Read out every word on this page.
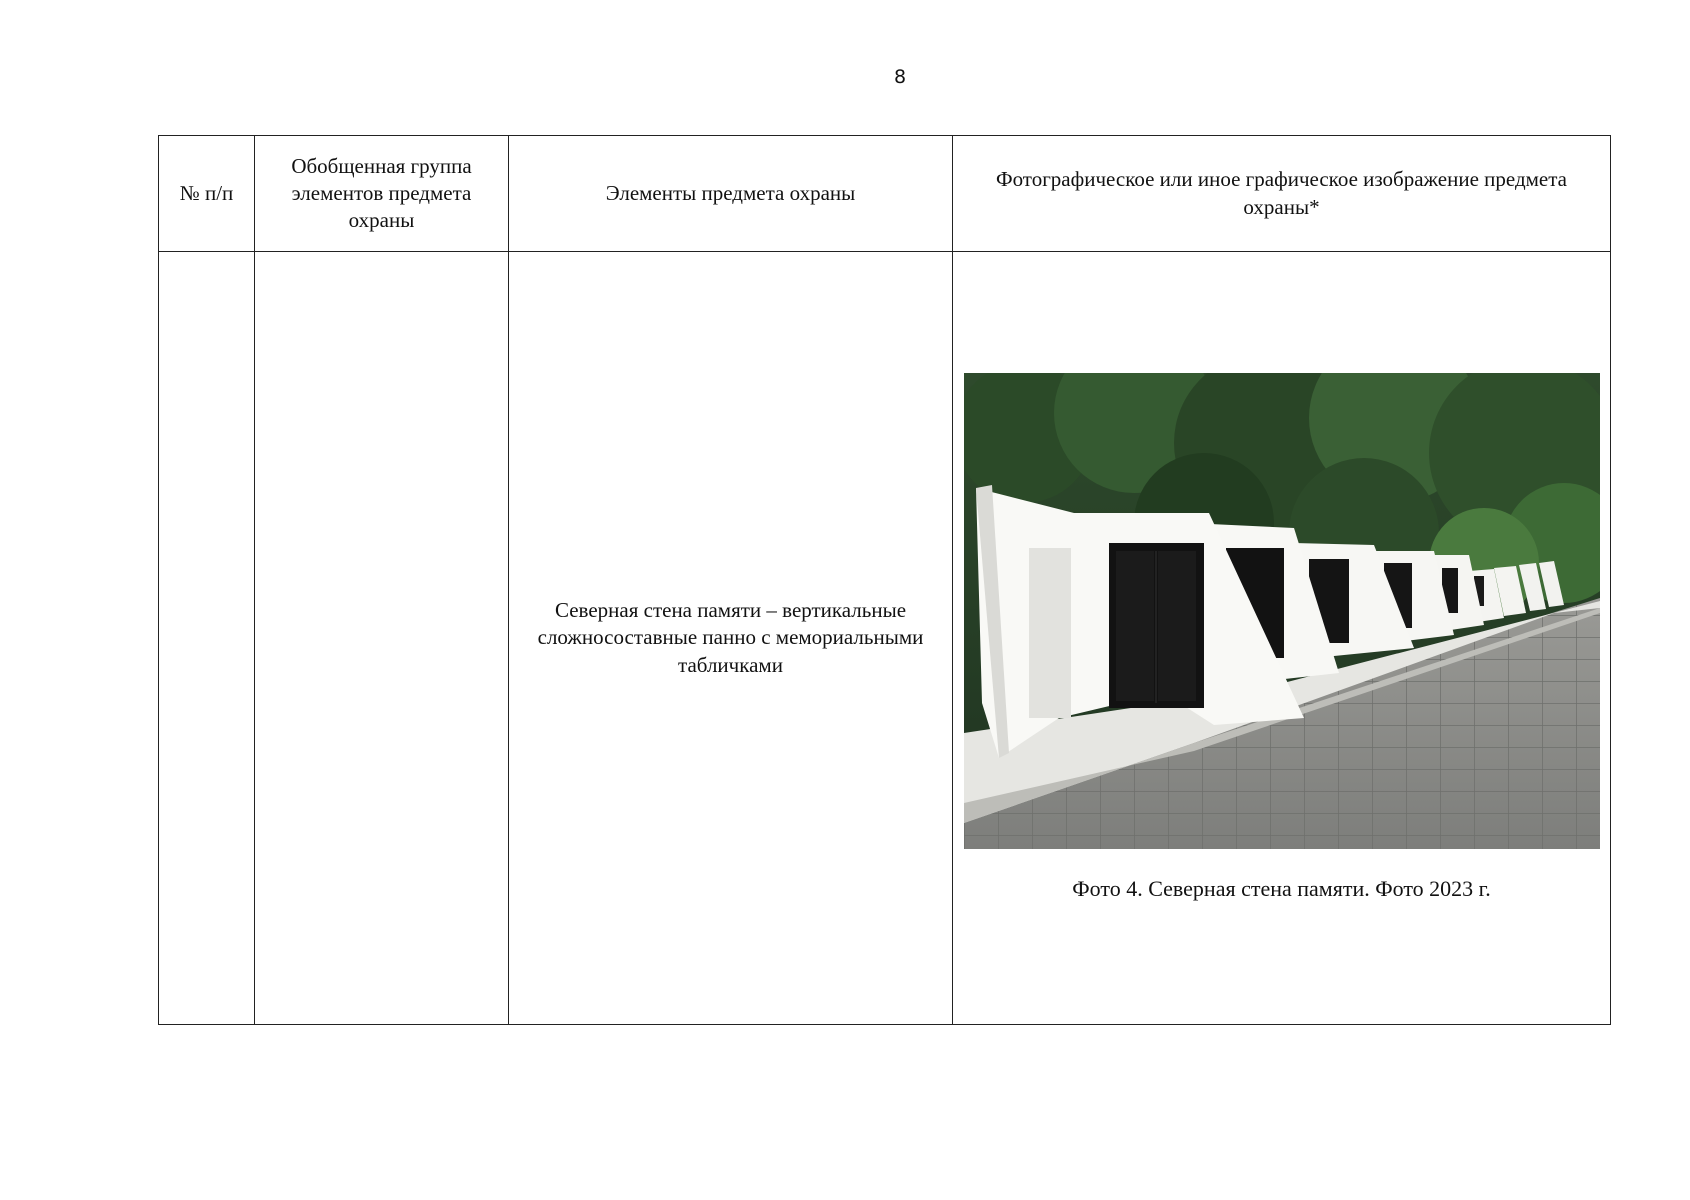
8
№ п/п	Обобщенная группа элементов предмета охраны	Элементы предмета охраны	Фотографическое или иное графическое изображение предмета охраны*
		Северная стена памяти – вертикальные сложносоставные панно с мемориальными табличками	Фото 4. Северная стена памяти. Фото 2023 г.
